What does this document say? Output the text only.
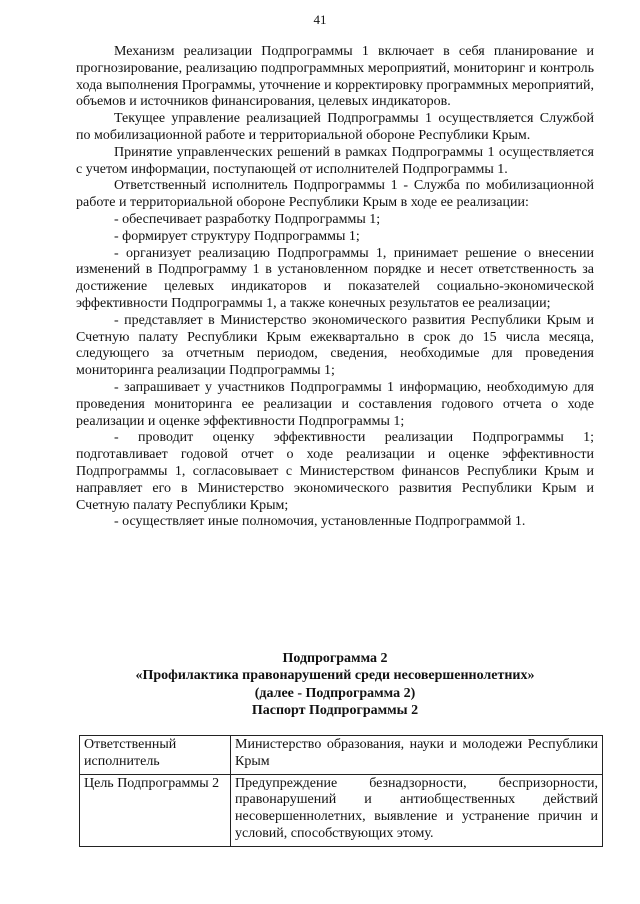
41

Механизм реализации Подпрограммы 1 включает в себя планирование и прогнозирование, реализацию подпрограммных мероприятий, мониторинг и контроль хода выполнения Программы, уточнение и корректировку программных мероприятий, объемов и источников финансирования, целевых индикаторов.

Текущее управление реализацией Подпрограммы 1 осуществляется Службой по мобилизационной работе и территориальной обороне Республики Крым.

Принятие управленческих решений в рамках Подпрограммы 1 осуществляется с учетом информации, поступающей от исполнителей Подпрограммы 1.

Ответственный исполнитель Подпрограммы 1 - Служба по мобилизационной работе и территориальной обороне Республики Крым в ходе ее реализации:

- обеспечивает разработку Подпрограммы 1;

- формирует структуру Подпрограммы 1;

- организует реализацию Подпрограммы 1, принимает решение о внесении изменений в Подпрограмму 1 в установленном порядке и несет ответственность за достижение целевых индикаторов и показателей социально-экономической эффективности Подпрограммы 1, а также конечных результатов ее реализации;

- представляет в Министерство экономического развития Республики Крым и Счетную палату Республики Крым ежеквартально в срок до 15 числа месяца, следующего за отчетным периодом, сведения, необходимые для проведения мониторинга реализации Подпрограммы 1;

- запрашивает у участников Подпрограммы 1 информацию, необходимую для проведения мониторинга ее реализации и составления годового отчета о ходе реализации и оценке эффективности Подпрограммы 1;

- проводит оценку эффективности реализации Подпрограммы 1; подготавливает годовой отчет о ходе реализации и оценке эффективности Подпрограммы 1, согласовывает с Министерством финансов Республики Крым и направляет его в Министерство экономического развития Республики Крым и Счетную палату Республики Крым;

- осуществляет иные полномочия, установленные Подпрограммой 1.

Подпрограмма 2
«Профилактика правонарушений среди несовершеннолетних»
(далее - Подпрограмма 2)
Паспорт Подпрограммы 2
Ответственный исполнитель	Министерство образования, науки и молодежи Республики Крым
Цель Подпрограммы 2	Предупреждение безнадзорности, беспризорности, правонарушений и антиобщественных действий несовершеннолетних, выявление и устранение причин и условий, способствующих этому.
